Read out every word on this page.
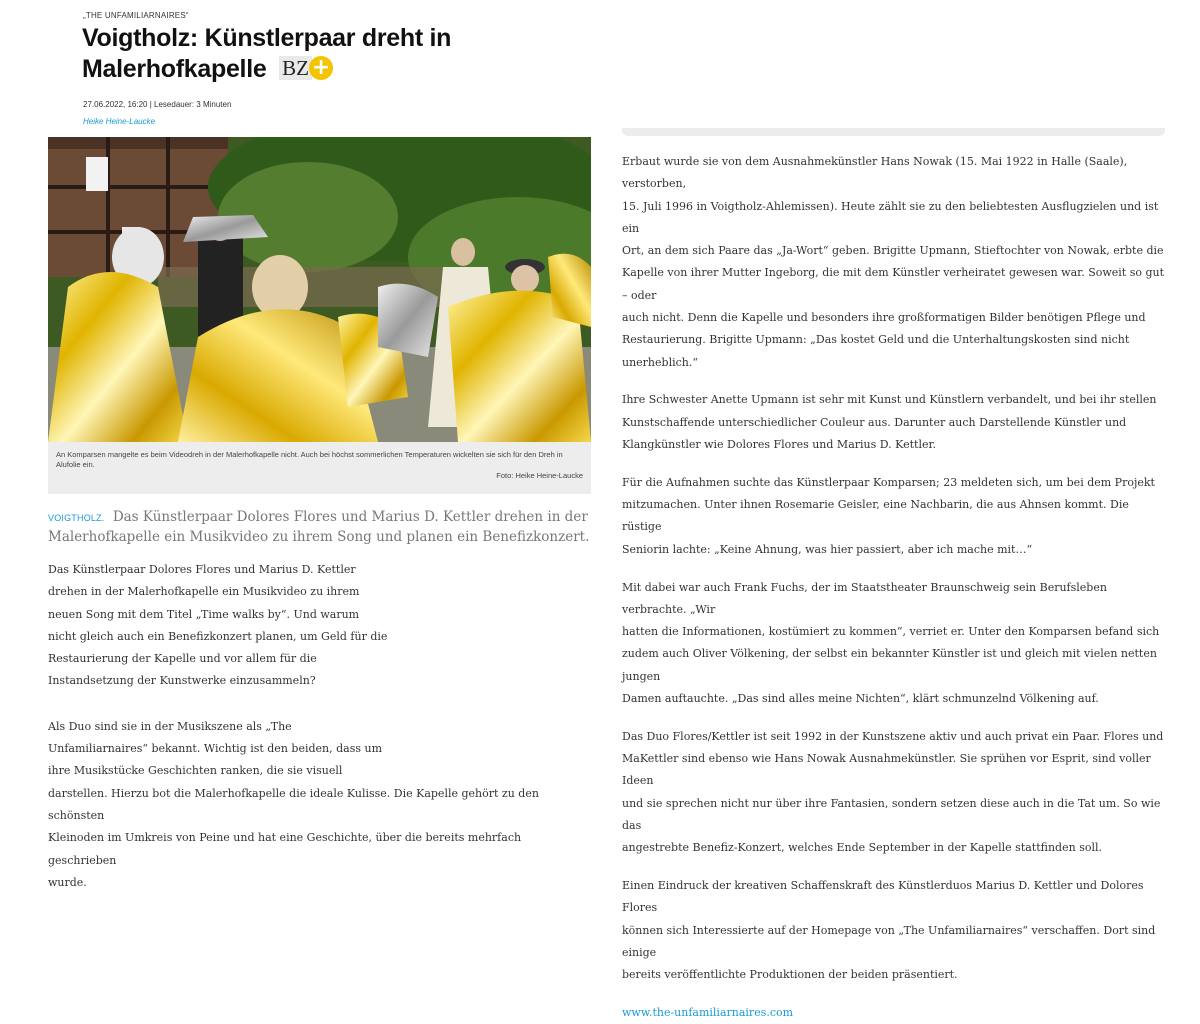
„THE UNFAMILIARNAIRES“
Voigtholz: Künstlerpaar dreht in
Malerhofkapelle BZ +
27.06.2022, 16:20 | Lesedauer: 3 Minuten
Heike Heine-Laucke
An Komparsen mangelte es beim Videodreh in der Malerhofkapelle nicht. Auch bei höchst sommerlichen Temperaturen wickelten sie sich für den Dreh in Alufolie ein.
Foto: Heike Heine-Laucke
VOIGTHOLZ. Das Künstlerpaar Dolores Flores und Marius D. Kettler drehen in der Malerhofkapelle ein Musikvideo zu ihrem Song und planen ein Benefizkonzert.

Das Künstlerpaar Dolores Flores und Marius D. Kettler
drehen in der Malerhofkapelle ein Musikvideo zu ihrem
neuen Song mit dem Titel „Time walks by“. Und warum
nicht gleich auch ein Benefizkonzert planen, um Geld für die
Restaurierung der Kapelle und vor allem für die
Instandsetzung der Kunstwerke einzusammeln?

Als Duo sind sie in der Musikszene als „The
Unfamiliarnaires“ bekannt. Wichtig ist den beiden, dass um
ihre Musikstücke Geschichten ranken, die sie visuell
darstellen. Hierzu bot die Malerhofkapelle die ideale Kulisse. Die Kapelle gehört zu den schönsten
Kleinoden im Umkreis von Peine und hat eine Geschichte, über die bereits mehrfach geschrieben
wurde.

Erbaut wurde sie von dem Ausnahmekünstler Hans Nowak (15. Mai 1922 in Halle (Saale), verstorben,
15. Juli 1996 in Voigtholz-Ahlemissen). Heute zählt sie zu den beliebtesten Ausflugzielen und ist ein
Ort, an dem sich Paare das „Ja-Wort“ geben. Brigitte Upmann, Stieftochter von Nowak, erbte die
Kapelle von ihrer Mutter Ingeborg, die mit dem Künstler verheiratet gewesen war. Soweit so gut – oder
auch nicht. Denn die Kapelle und besonders ihre großformatigen Bilder benötigen Pflege und
Restaurierung. Brigitte Upmann: „Das kostet Geld und die Unterhaltungskosten sind nicht
unerheblich.“

Ihre Schwester Anette Upmann ist sehr mit Kunst und Künstlern verbandelt, und bei ihr stellen
Kunstschaffende unterschiedlicher Couleur aus. Darunter auch Darstellende Künstler und
Klangkünstler wie Dolores Flores und Marius D. Kettler.

Für die Aufnahmen suchte das Künstlerpaar Komparsen; 23 meldeten sich, um bei dem Projekt
mitzumachen. Unter ihnen Rosemarie Geisler, eine Nachbarin, die aus Ahnsen kommt. Die rüstige
Seniorin lachte: „Keine Ahnung, was hier passiert, aber ich mache mit…“

Mit dabei war auch Frank Fuchs, der im Staatstheater Braunschweig sein Berufsleben verbrachte. „Wir
hatten die Informationen, kostümiert zu kommen“, verriet er. Unter den Komparsen befand sich
zudem auch Oliver Völkening, der selbst ein bekannter Künstler ist und gleich mit vielen netten jungen
Damen auftauchte. „Das sind alles meine Nichten“, klärt schmunzelnd Völkening auf.

Das Duo Flores/Kettler ist seit 1992 in der Kunstszene aktiv und auch privat ein Paar. Flores und
MaKettler sind ebenso wie Hans Nowak Ausnahmekünstler. Sie sprühen vor Esprit, sind voller Ideen
und sie sprechen nicht nur über ihre Fantasien, sondern setzen diese auch in die Tat um. So wie das
angestrebte Benefiz-Konzert, welches Ende September in der Kapelle stattfinden soll.

Einen Eindruck der kreativen Schaffenskraft des Künstlerduos Marius D. Kettler und Dolores Flores
können sich Interessierte auf der Homepage von „The Unfamiliarnaires“ verschaffen. Dort sind einige
bereits veröffentlichte Produktionen der beiden präsentiert.

www.the-unfamiliarnaires.com
